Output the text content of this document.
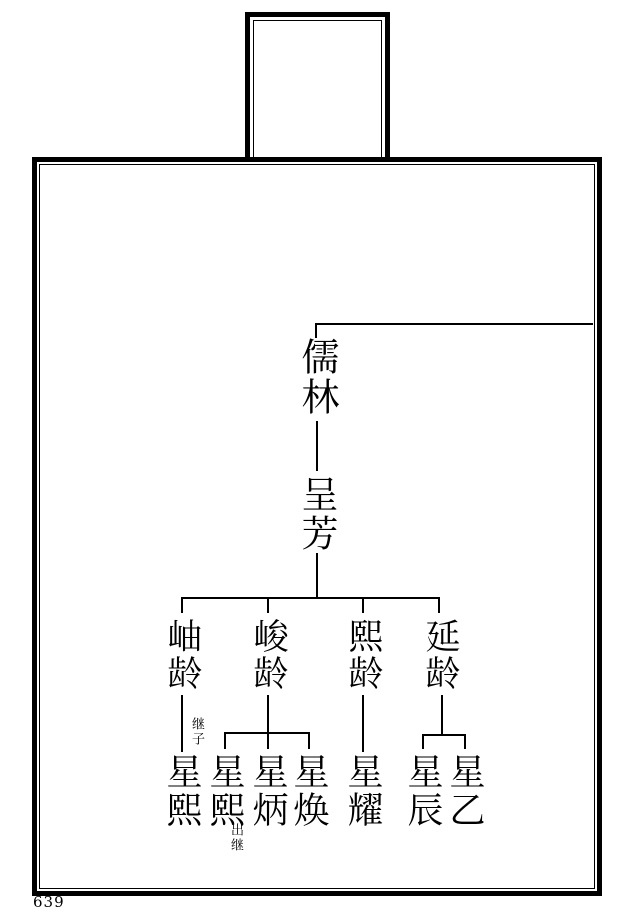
儒林
呈芳
岫龄 峻龄 熙龄 延龄
继子
星熙 星熙 星炳 星焕
出继
星耀 星辰 星乙
639
